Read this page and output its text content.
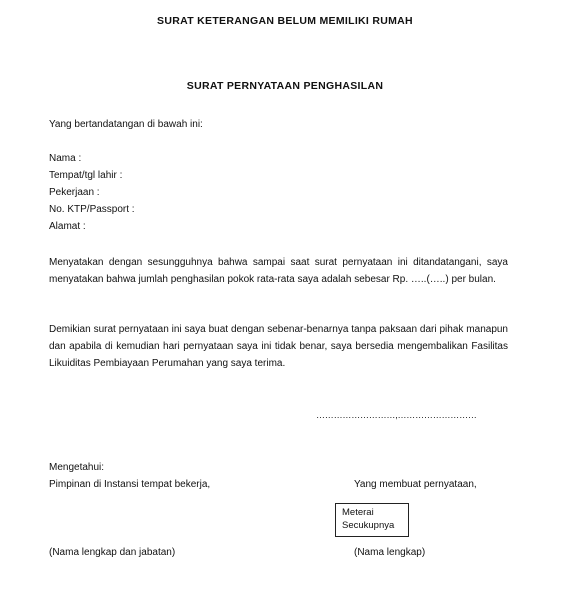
SURAT KETERANGAN BELUM MEMILIKI RUMAH
SURAT PERNYATAAN PENGHASILAN
Yang bertandatangan di bawah ini:
Nama :
Tempat/tgl lahir :
Pekerjaan :
No. KTP/Passport :
Alamat :
Menyatakan dengan sesungguhnya bahwa sampai saat surat pernyataan ini ditandatangani, saya menyatakan bahwa jumlah penghasilan pokok rata-rata saya adalah sebesar Rp. …..(…..) per bulan.
Demikian surat pernyataan ini saya buat dengan sebenar-benarnya tanpa paksaan dari pihak manapun dan apabila di kemudian hari pernyataan saya ini tidak benar, saya bersedia mengembalikan Fasilitas Likuiditas Pembiayaan Perumahan yang saya terima.
………………………,………………………
Mengetahui:
Pimpinan di Instansi tempat bekerja,	Yang membuat pernyataan,
Meterai
Secukupnya
(Nama lengkap dan jabatan)	(Nama lengkap)
